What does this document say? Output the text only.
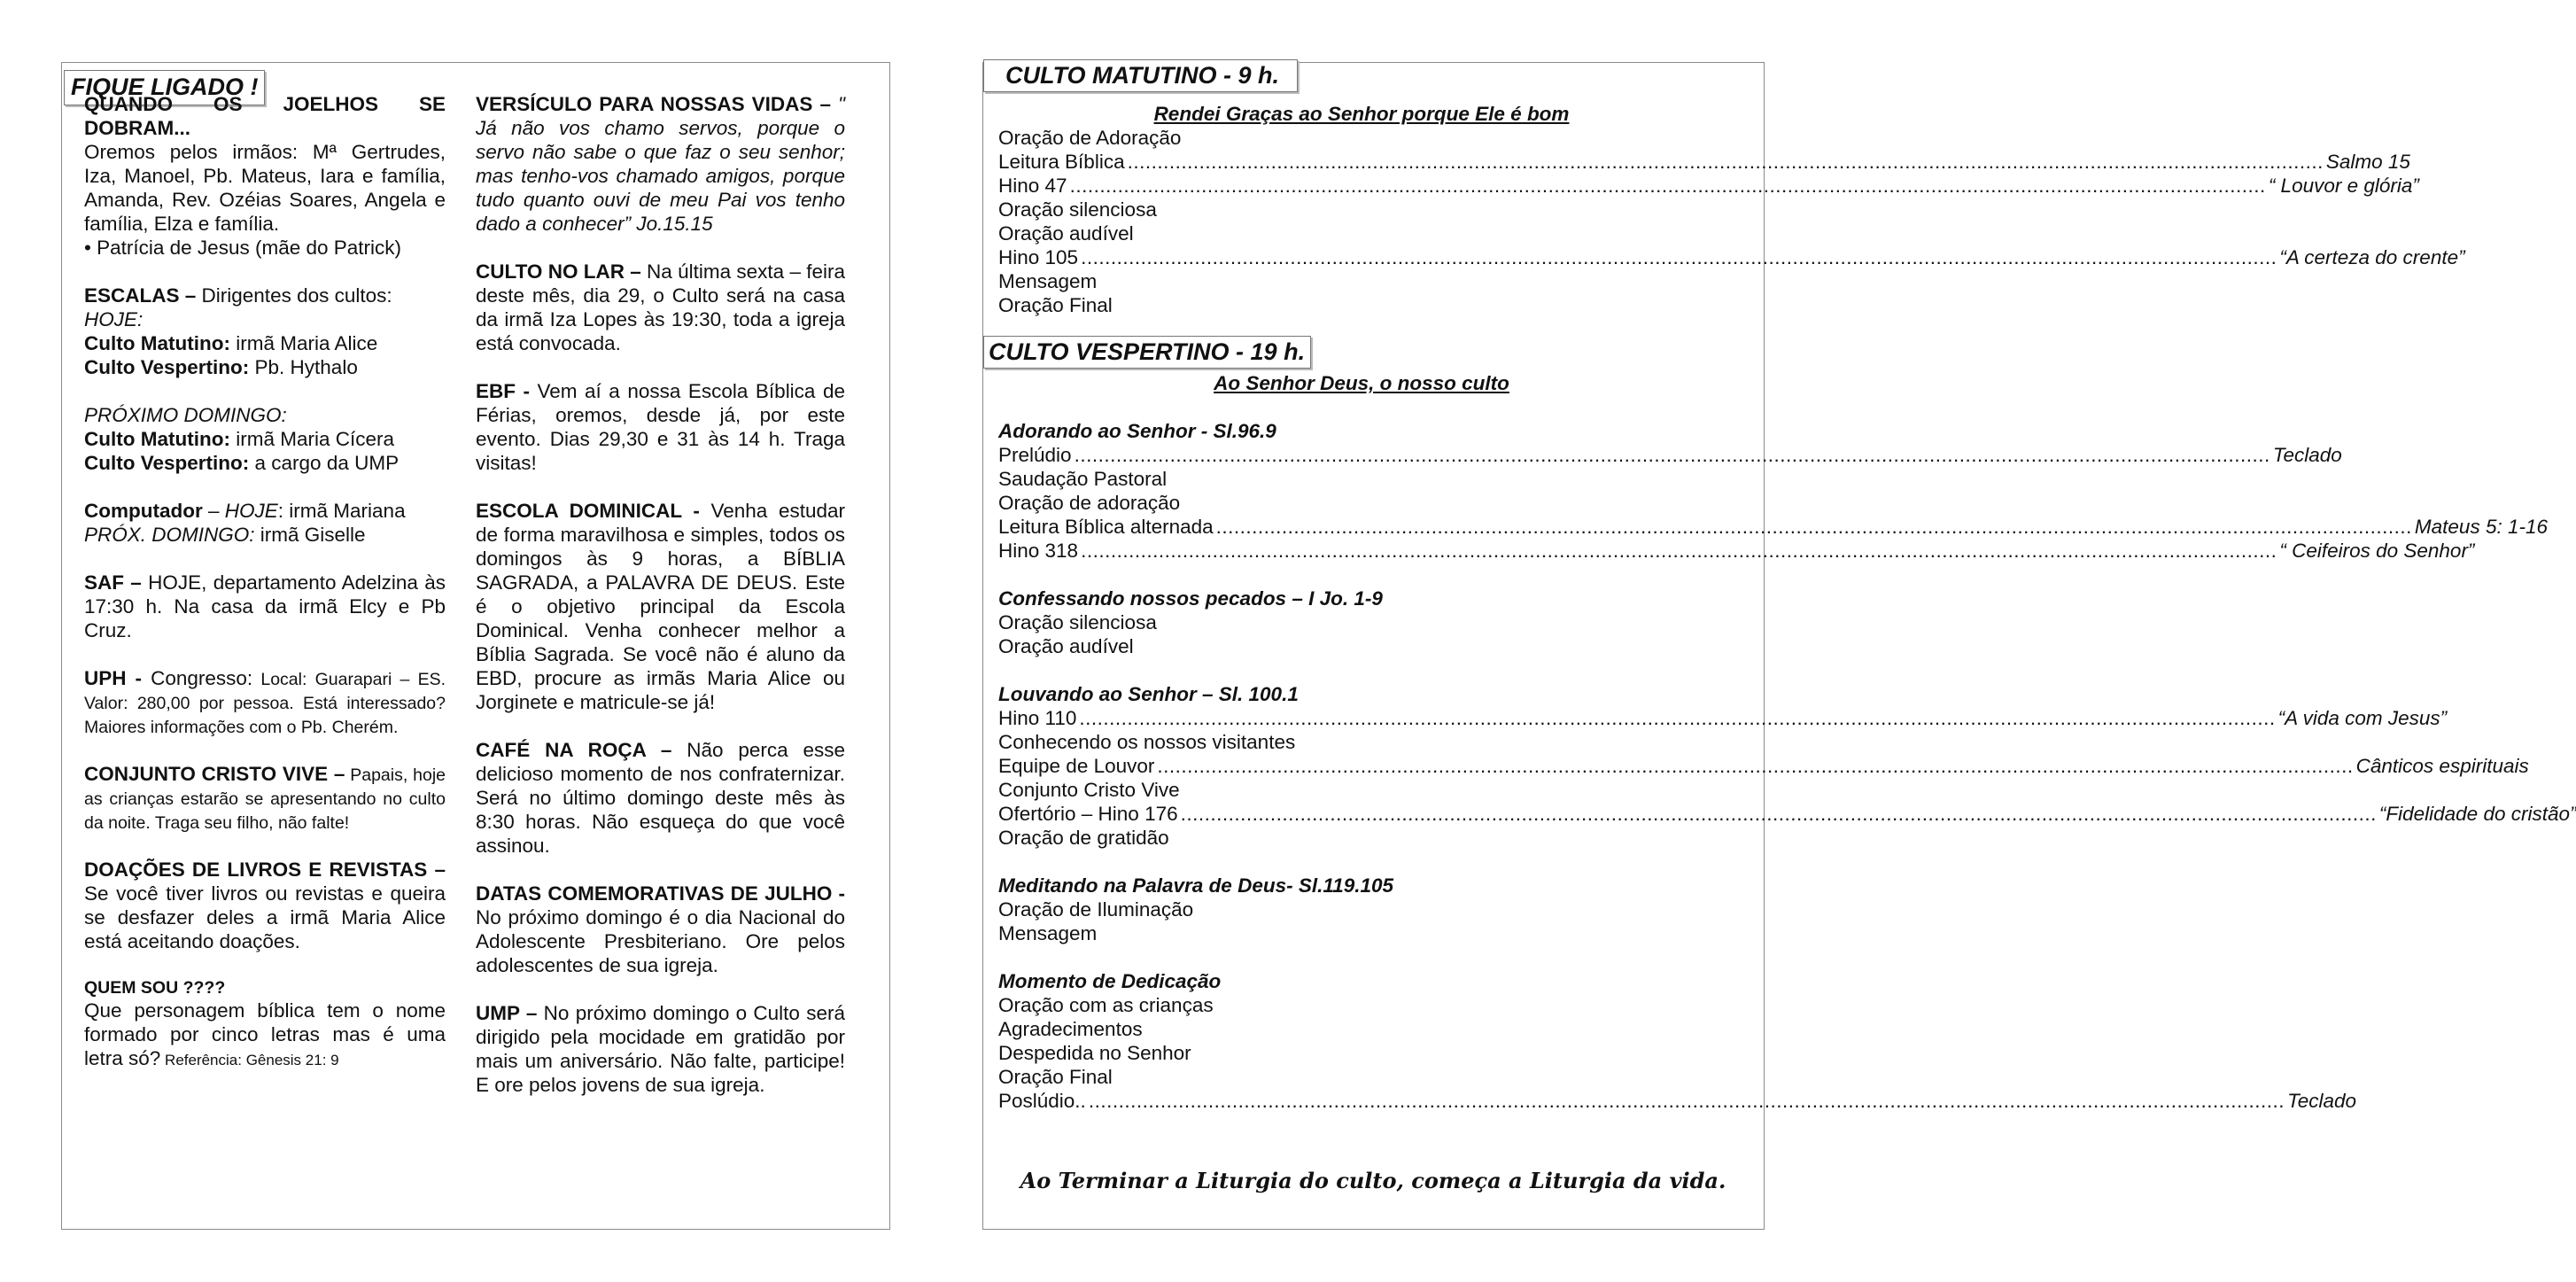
FIQUE LIGADO !
QUANDO OS JOELHOS SE DOBRAM...
Oremos pelos irmãos: Mª Gertrudes, Iza, Manoel, Pb. Mateus, Iara e família, Amanda, Rev. Ozéias Soares, Angela e família, Elza e família.
• Patrícia de Jesus (mãe do Patrick)
ESCALAS – Dirigentes dos cultos:
HOJE:
Culto Matutino: irmã Maria Alice
Culto Vespertino: Pb. Hythalo
PRÓXIMO DOMINGO:
Culto Matutino: irmã Maria Cícera
Culto Vespertino: a cargo da UMP
Computador – HOJE: irmã Mariana
PRÓX. DOMINGO: irmã Giselle
SAF – HOJE, departamento Adelzina às 17:30 h. Na casa da irmã Elcy e Pb Cruz.
UPH - Congresso: Local: Guarapari – ES. Valor: 280,00 por pessoa. Está interessado? Maiores informações com o Pb. Cherém.
CONJUNTO CRISTO VIVE – Papais, hoje as crianças estarão se apresentando no culto da noite. Traga seu filho, não falte!
DOAÇÕES DE LIVROS E REVISTAS – Se você tiver livros ou revistas e queira se desfazer deles a irmã Maria Alice está aceitando doações.
QUEM SOU ????
Que personagem bíblica tem o nome formado por cinco letras mas é uma letra só? Referência: Gênesis 21: 9
VERSÍCULO PARA NOSSAS VIDAS – " Já não vos chamo servos, porque o servo não sabe o que faz o seu senhor; mas tenho-vos chamado amigos, porque tudo quanto ouvi de meu Pai vos tenho dado a conhecer” Jo.15.15
CULTO NO LAR – Na última sexta – feira deste mês, dia 29, o Culto será na casa da irmã Iza Lopes às 19:30, toda a igreja está convocada.
EBF - Vem aí a nossa Escola Bíblica de Férias, oremos, desde já, por este evento. Dias 29,30 e 31 às 14 h. Traga visitas!
ESCOLA DOMINICAL - Venha estudar de forma maravilhosa e simples, todos os domingos às 9 horas, a BÍBLIA SAGRADA, a PALAVRA DE DEUS. Este é o objetivo principal da Escola Dominical. Venha conhecer melhor a Bíblia Sagrada. Se você não é aluno da EBD, procure as irmãs Maria Alice ou Jorginete e matricule-se já!
CAFÉ NA ROÇA – Não perca esse delicioso momento de nos confraternizar. Será no último domingo deste mês às 8:30 horas. Não esqueça do que você assinou.
DATAS COMEMORATIVAS DE JULHO - No próximo domingo é o dia Nacional do Adolescente Presbiteriano. Ore pelos adolescentes de sua igreja.
UMP – No próximo domingo o Culto será dirigido pela mocidade em gratidão por mais um aniversário. Não falte, participe! E ore pelos jovens de sua igreja.
CULTO MATUTINO - 9 h.
Rendei Graças ao Senhor porque Ele é bom
Oração de Adoração
Leitura Bíblica ........................................................................................................................................................................................................ Salmo 15
Hino 47 ........................................................................................................................................................................................................ “ Louvor e glória”
Oração silenciosa
Oração audível
Hino 105 ........................................................................................................................................................................................................ “A certeza do crente”
Mensagem
Oração Final
CULTO VESPERTINO - 19 h.
Ao Senhor Deus, o nosso culto
Adorando ao Senhor - Sl.96.9
Prelúdio ........................................................................................................................................................................................................ Teclado
Saudação Pastoral
Oração de adoração
Leitura Bíblica alternada ........................................................................................................................................................................................................ Mateus 5: 1-16
Hino 318 ........................................................................................................................................................................................................ “ Ceifeiros do Senhor”
Confessando nossos pecados – I Jo. 1-9
Oração silenciosa
Oração audível
Louvando ao Senhor – Sl. 100.1
Hino 110 ........................................................................................................................................................................................................ “A vida com Jesus”
Conhecendo os nossos visitantes
Equipe de Louvor ........................................................................................................................................................................................................ Cânticos espirituais
Conjunto Cristo Vive
Ofertório – Hino 176 ........................................................................................................................................................................................................ “Fidelidade do cristão”
Oração de gratidão
Meditando na Palavra de Deus- Sl.119.105
Oração de Iluminação
Mensagem
Momento de Dedicação
Oração com as crianças
Agradecimentos
Despedida no Senhor
Oração Final
Poslúdio.. ........................................................................................................................................................................................................ Teclado
Ao Terminar a Liturgia do culto, começa a Liturgia da vida.
